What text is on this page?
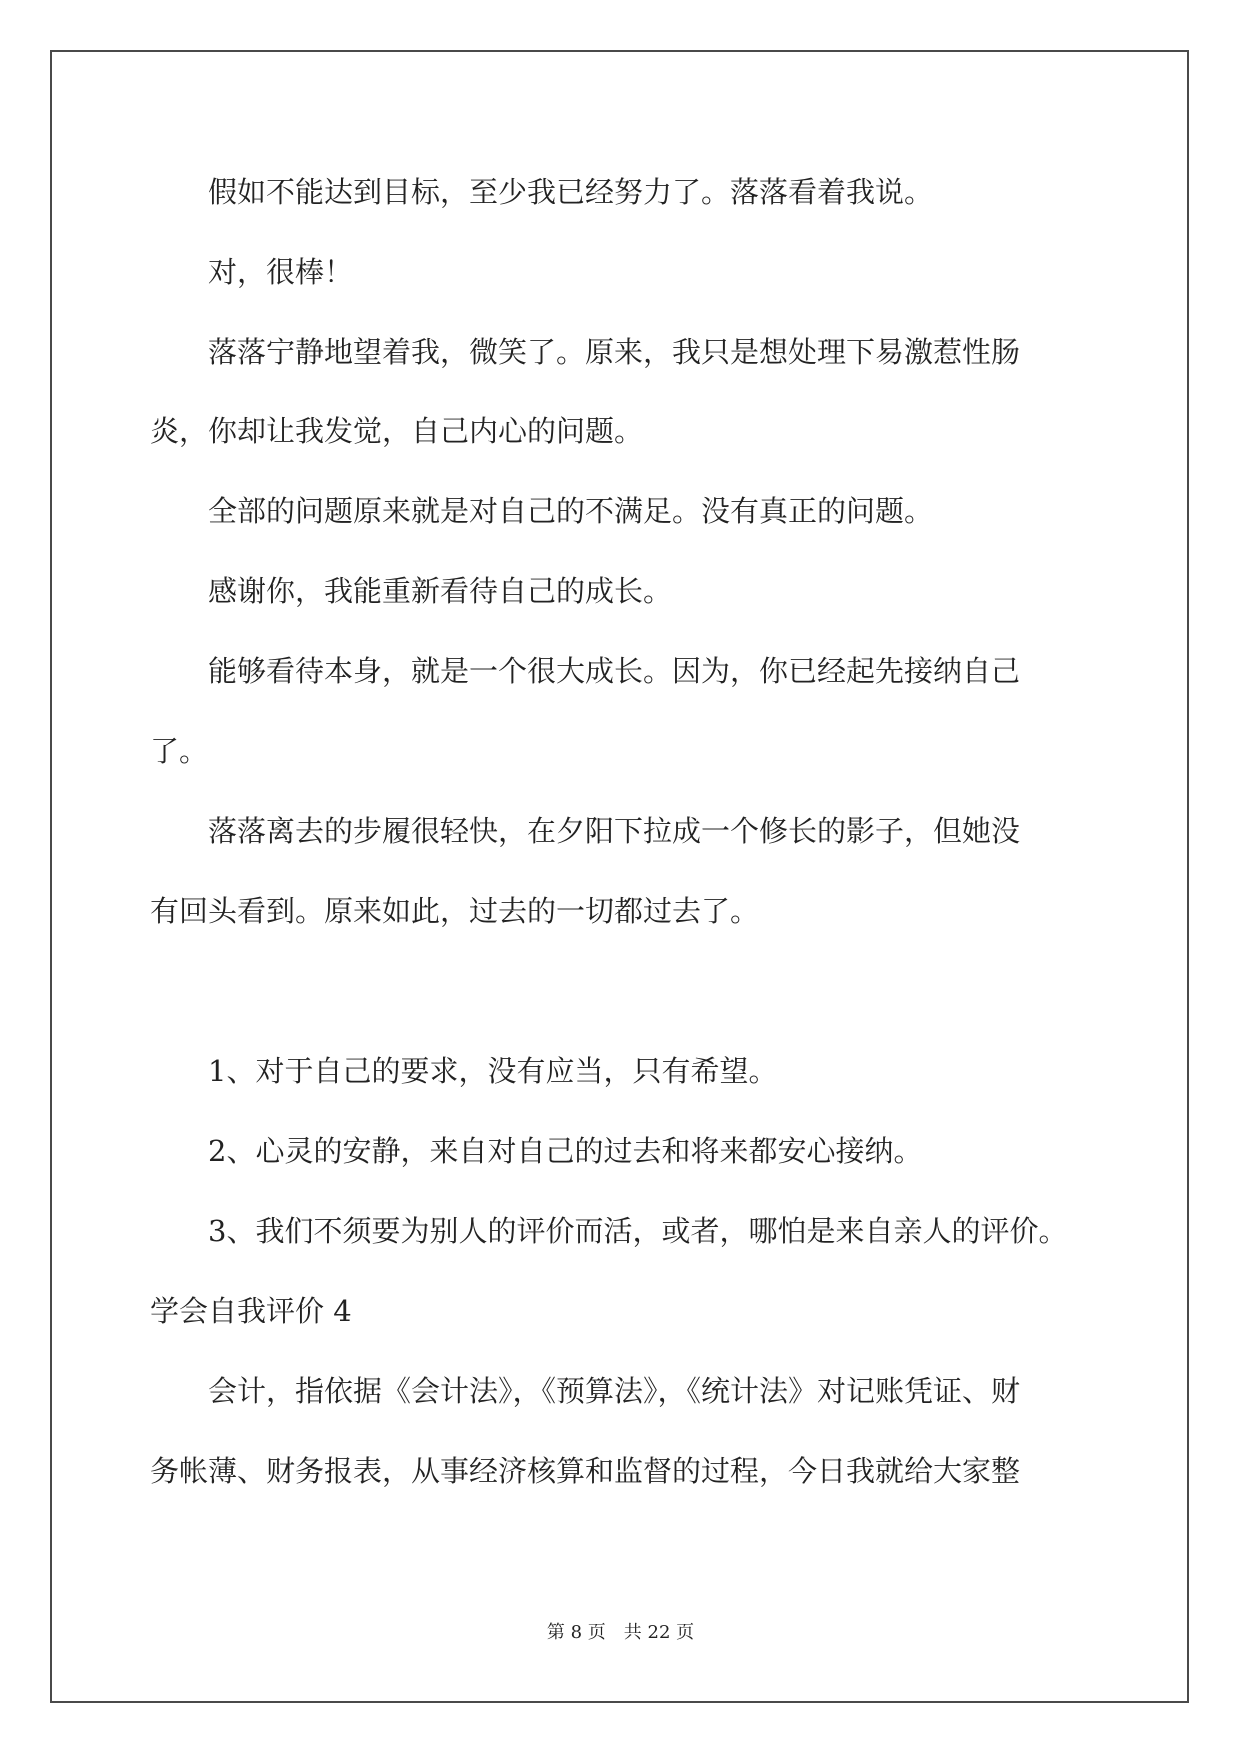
　　假如不能达到目标，至少我已经努力了。落落看着我说。
　　对，很棒！
　　落落宁静地望着我，微笑了。原来，我只是想处理下易激惹性肠
炎，你却让我发觉，自己内心的问题。
　　全部的问题原来就是对自己的不满足。没有真正的问题。
　　感谢你，我能重新看待自己的成长。
　　能够看待本身，就是一个很大成长。因为，你已经起先接纳自己
了。
　　落落离去的步履很轻快，在夕阳下拉成一个修长的影子，但她没
有回头看到。原来如此，过去的一切都过去了。
　　1、对于自己的要求，没有应当，只有希望。
　　2、心灵的安静，来自对自己的过去和将来都安心接纳。
　　3、我们不须要为别人的评价而活，或者，哪怕是来自亲人的评价。
学会自我评价 4
　　会计，指依据《会计法》，《预算法》，《统计法》对记账凭证、财
务帐薄、财务报表，从事经济核算和监督的过程，今日我就给大家整
第 8 页 共 22 页
